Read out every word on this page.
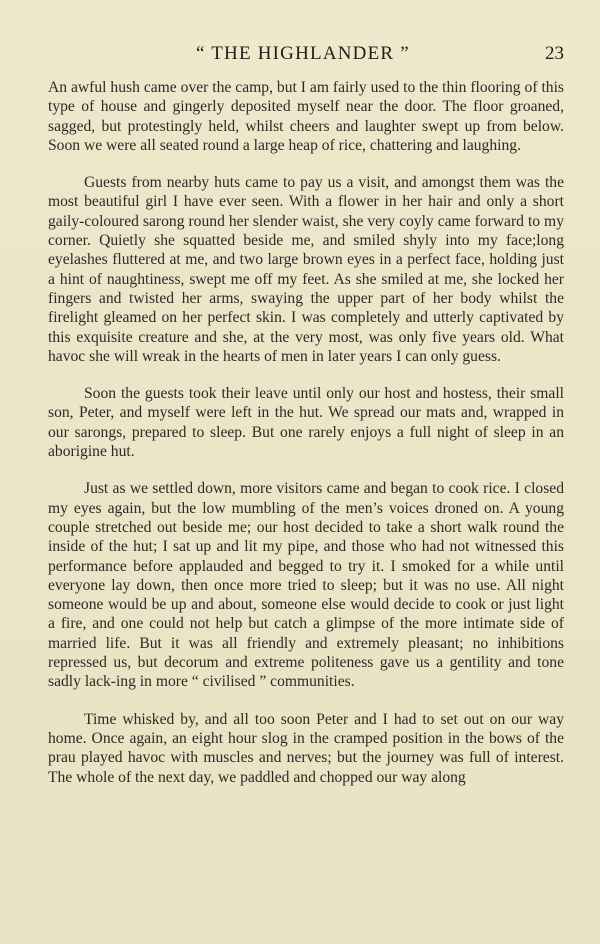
“ THE HIGHLANDER ”	23

An awful hush came over the camp, but I am fairly used to the thin flooring of this type of house and gingerly deposited myself near the door. The floor groaned, sagged, but protestingly held, whilst cheers and laughter swept up from below. Soon we were all seated round a large heap of rice, chattering and laughing.

Guests from nearby huts came to pay us a visit, and amongst them was the most beautiful girl I have ever seen. With a flower in her hair and only a short gaily-coloured sarong round her slender waist, she very coyly came forward to my corner. Quietly she squatted beside me, and smiled shyly into my face;long eyelashes fluttered at me, and two large brown eyes in a perfect face, holding just a hint of naughtiness, swept me off my feet. As she smiled at me, she locked her fingers and twisted her arms, swaying the upper part of her body whilst the firelight gleamed on her perfect skin. I was completely and utterly captivated by this exquisite creature and she, at the very most, was only five years old. What havoc she will wreak in the hearts of men in later years I can only guess.

Soon the guests took their leave until only our host and hostess, their small son, Peter, and myself were left in the hut. We spread our mats and, wrapped in our sarongs, prepared to sleep. But one rarely enjoys a full night of sleep in an aborigine hut.

Just as we settled down, more visitors came and began to cook rice. I closed my eyes again, but the low mumbling of the men’s voices droned on. A young couple stretched out beside me; our host decided to take a short walk round the inside of the hut; I sat up and lit my pipe, and those who had not witnessed this performance before applauded and begged to try it. I smoked for a while until everyone lay down, then once more tried to sleep; but it was no use. All night someone would be up and about, someone else would decide to cook or just light a fire, and one could not help but catch a glimpse of the more intimate side of married life. But it was all friendly and extremely pleasant; no inhibitions repressed us, but decorum and extreme politeness gave us a gentility and tone sadly lack-ing in more “ civilised ” communities.

Time whisked by, and all too soon Peter and I had to set out on our way home. Once again, an eight hour slog in the cramped position in the bows of the prau played havoc with muscles and nerves; but the journey was full of interest. The whole of the next day, we paddled and chopped our way along
